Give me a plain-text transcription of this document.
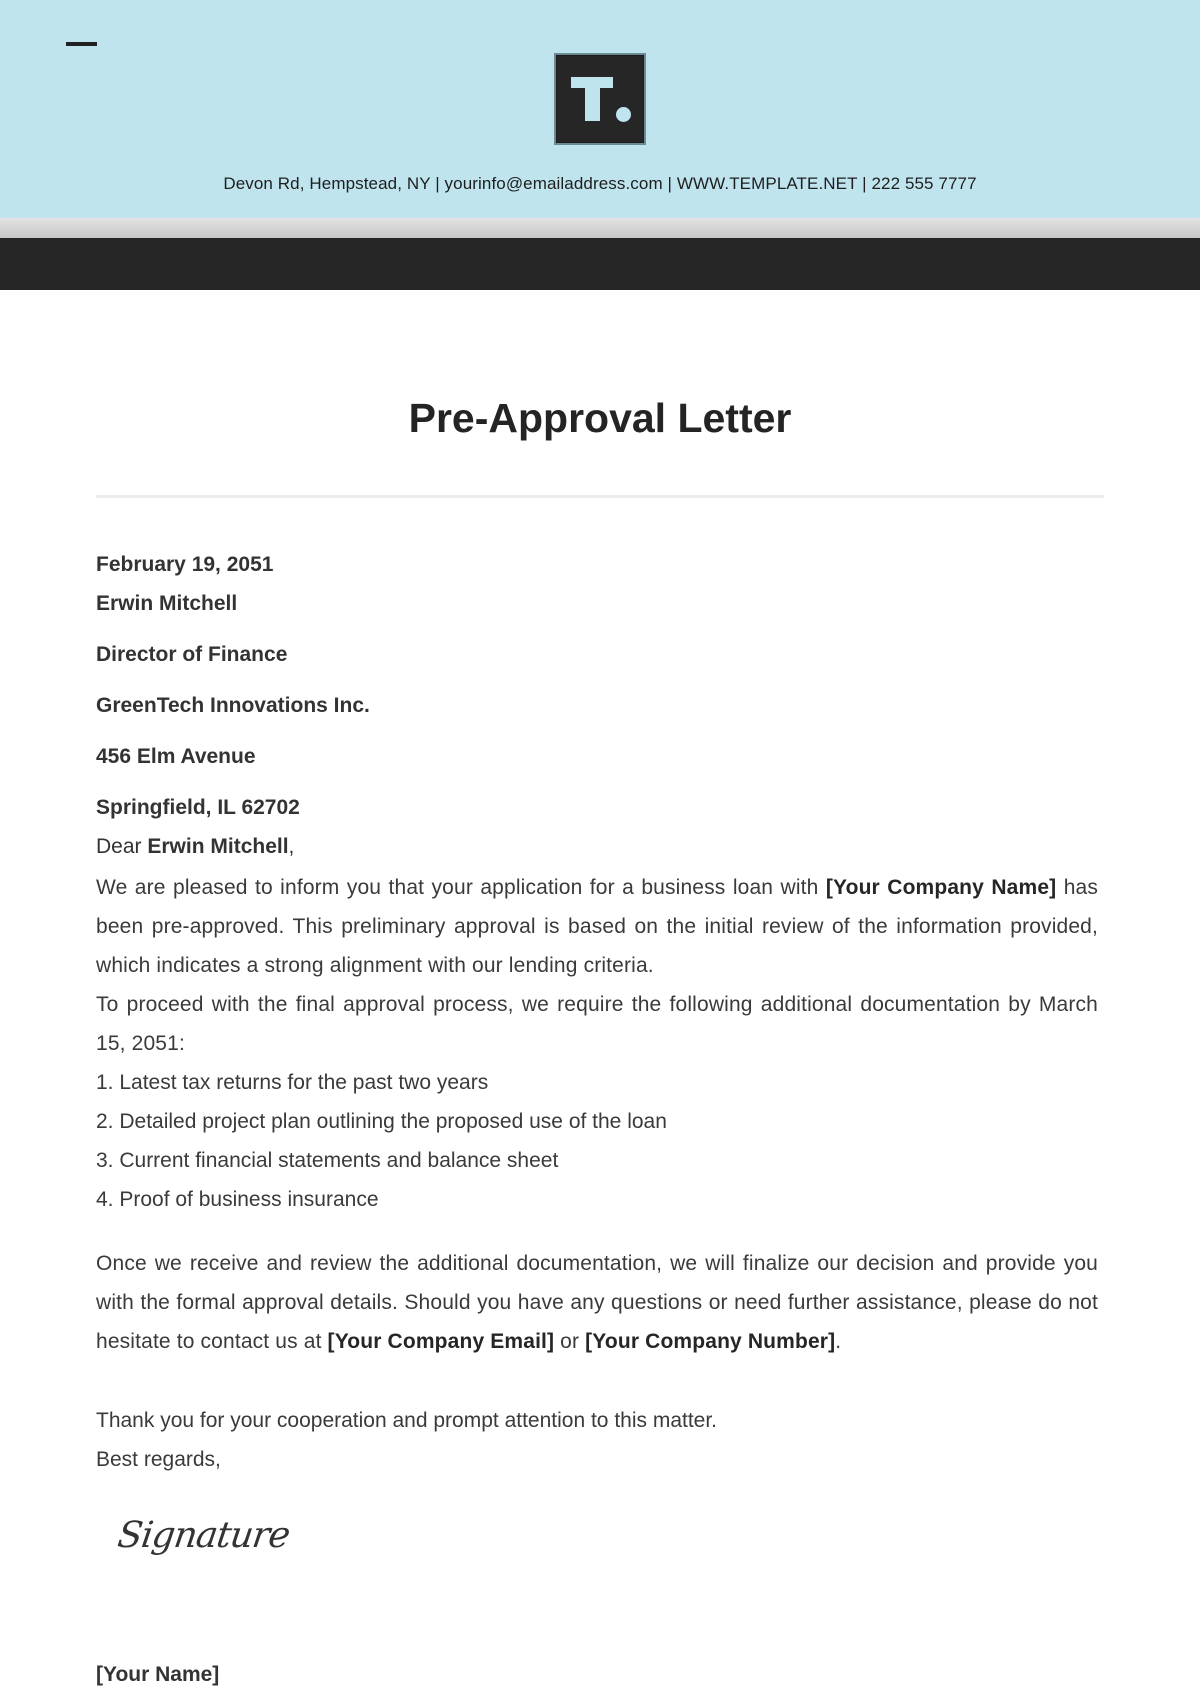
Devon Rd, Hempstead, NY | yourinfo@emailaddress.com | WWW.TEMPLATE.NET | 222 555 7777
Pre-Approval Letter
February 19, 2051
Erwin Mitchell
Director of Finance
GreenTech Innovations Inc.
456 Elm Avenue
Springfield, IL 62702
Dear Erwin Mitchell,
We are pleased to inform you that your application for a business loan with [Your Company Name] has been pre-approved. This preliminary approval is based on the initial review of the information provided, which indicates a strong alignment with our lending criteria.
To proceed with the final approval process, we require the following additional documentation by March 15, 2051:
1. Latest tax returns for the past two years
2. Detailed project plan outlining the proposed use of the loan
3. Current financial statements and balance sheet
4. Proof of business insurance
Once we receive and review the additional documentation, we will finalize our decision and provide you with the formal approval details. Should you have any questions or need further assistance, please do not hesitate to contact us at [Your Company Email] or [Your Company Number].
Thank you for your cooperation and prompt attention to this matter.
Best regards,
Signature
[Your Name]
